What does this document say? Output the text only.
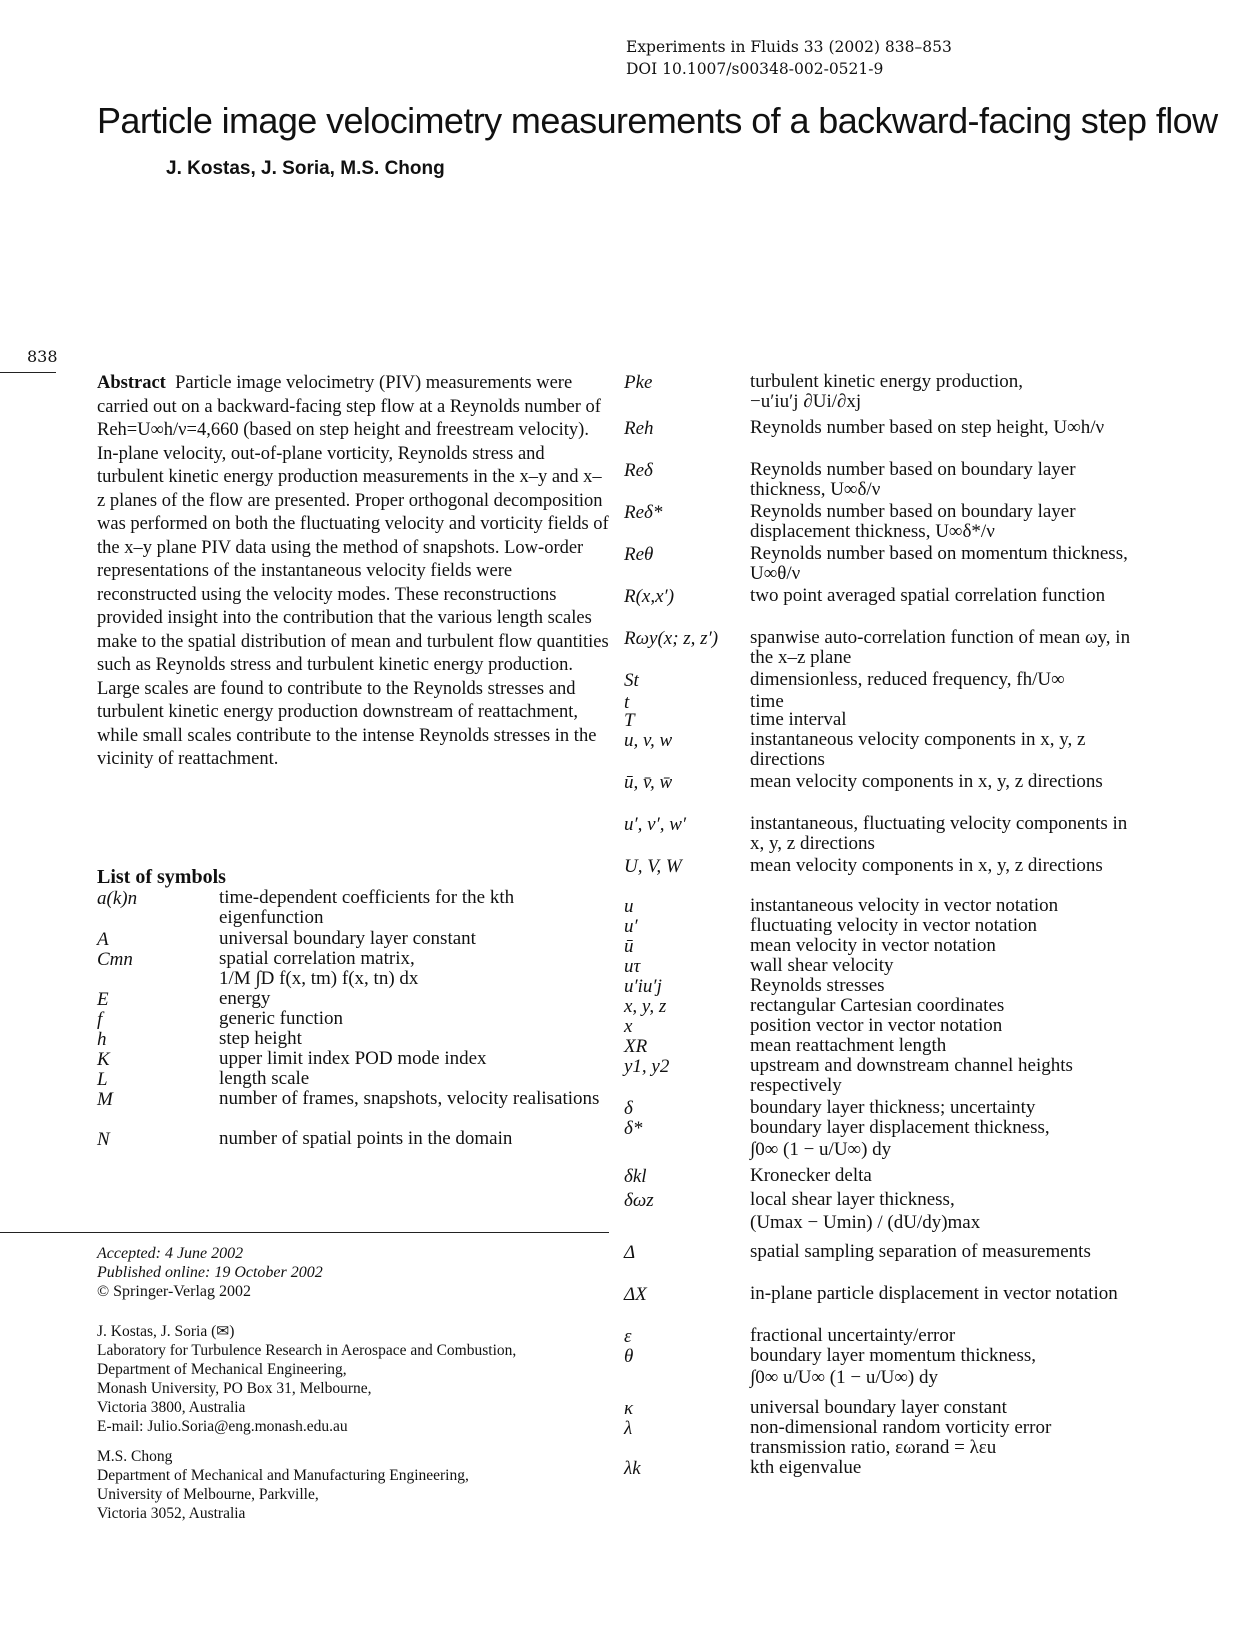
Experiments in Fluids 33 (2002) 838–853
DOI 10.1007/s00348-002-0521-9
Particle image velocimetry measurements of a backward-facing step flow
J. Kostas, J. Soria, M.S. Chong
838
Abstract Particle image velocimetry (PIV) measurements were carried out on a backward-facing step flow at a Reynolds number of Reh=U∞h/ν=4,660 (based on step height and freestream velocity). In-plane velocity, out-of-plane vorticity, Reynolds stress and turbulent kinetic energy production measurements in the x–y and x–z planes of the flow are presented. Proper orthogonal decomposition was performed on both the fluctuating velocity and vorticity fields of the x–y plane PIV data using the method of snapshots. Low-order representations of the instantaneous velocity fields were reconstructed using the velocity modes. These reconstructions provided insight into the contribution that the various length scales make to the spatial distribution of mean and turbulent flow quantities such as Reynolds stress and turbulent kinetic energy production. Large scales are found to contribute to the Reynolds stresses and turbulent kinetic energy production downstream of reattachment, while small scales contribute to the intense Reynolds stresses in the vicinity of reattachment.
List of symbols
a(k)n	time-dependent coefficients for the kth eigenfunction
A	universal boundary layer constant
Cmn	spatial correlation matrix,
1/M ∫D f(x, tm) f(x, tn) dx
E	energy
f	generic function
h	step height
K	upper limit index POD mode index
L	length scale
M	number of frames, snapshots, velocity realisations
N	number of spatial points in the domain
Pke	turbulent kinetic energy production,
−u′iu′j ∂Ui/∂xj
Reh	Reynolds number based on step height, U∞h/ν
Reδ	Reynolds number based on boundary layer thickness, U∞δ/ν
Reδ*	Reynolds number based on boundary layer displacement thickness, U∞δ*/ν
Reθ	Reynolds number based on momentum thickness, U∞θ/ν
R(x,x′)	two point averaged spatial correlation function
Rωy(x; z, z′) spanwise auto-correlation function of mean ωy, in the x–z plane
St	dimensionless, reduced frequency, fh/U∞
t	time
T	time interval
u, v, w	instantaneous velocity components in x, y, z directions
ū, v̄, w̄	mean velocity components in x, y, z directions
u′, v′, w′	instantaneous, fluctuating velocity components in x, y, z directions
U, V, W	mean velocity components in x, y, z directions
u	instantaneous velocity in vector notation
u′	fluctuating velocity in vector notation
ū	mean velocity in vector notation
uτ	wall shear velocity
u′iu′j	Reynolds stresses
x, y, z	rectangular Cartesian coordinates
x	position vector in vector notation
XR	mean reattachment length
y1, y2	upstream and downstream channel heights respectively
δ	boundary layer thickness; uncertainty
δ*	boundary layer displacement thickness,
∫0∞ (1 − u/U∞) dy
δkl	Kronecker delta
δωz	local shear layer thickness,
(Umax − Umin) / (dU/dy)max
Δ	spatial sampling separation of measurements
ΔX	in-plane particle displacement in vector notation
ε	fractional uncertainty/error
θ	boundary layer momentum thickness,
∫0∞ u/U∞ (1 − u/U∞) dy
κ	universal boundary layer constant
λ	non-dimensional random vorticity error transmission ratio, εωrand = λεu
λk	kth eigenvalue
Accepted: 4 June 2002
Published online: 19 October 2002
© Springer-Verlag 2002
J. Kostas, J. Soria (✉)
Laboratory for Turbulence Research in Aerospace and Combustion,
Department of Mechanical Engineering,
Monash University, PO Box 31, Melbourne,
Victoria 3800, Australia
E-mail: Julio.Soria@eng.monash.edu.au
M.S. Chong
Department of Mechanical and Manufacturing Engineering,
University of Melbourne, Parkville,
Victoria 3052, Australia
